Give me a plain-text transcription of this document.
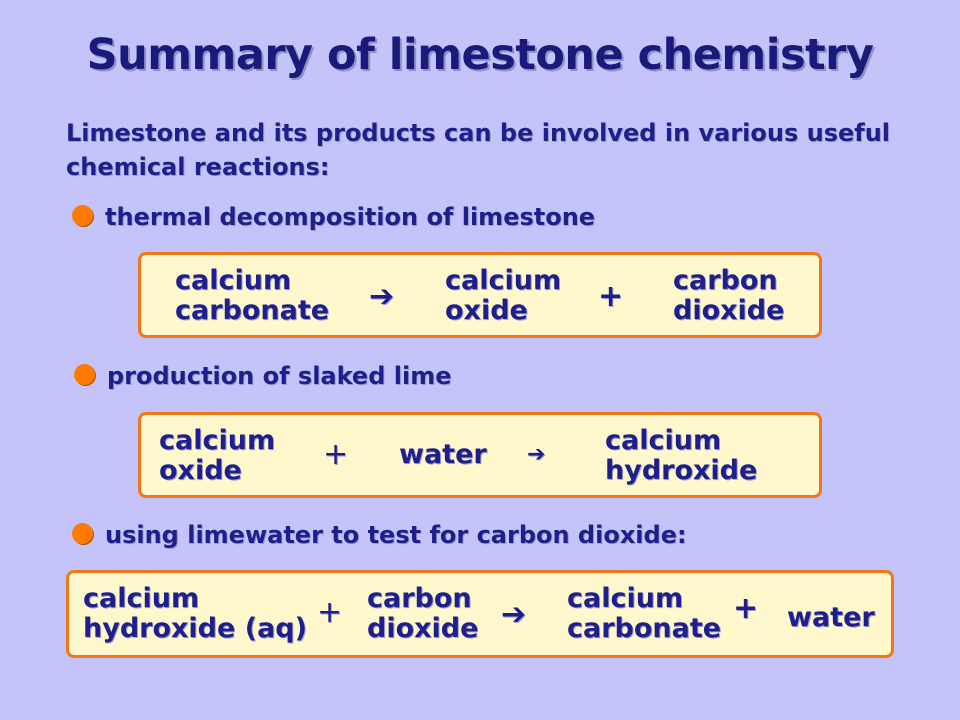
Summary of limestone chemistry
Limestone and its products can be involved in various useful chemical reactions:
thermal decomposition of limestone
calcium
carbonate ➔ calcium
oxide + carbon
dioxide
production of slaked lime
calcium
oxide	+ water ➔ calcium
hydroxide
using limewater to test for carbon dioxide:
calcium
hydroxide (aq) + carbon
dioxide ➔ calcium
carbonate
+ water
